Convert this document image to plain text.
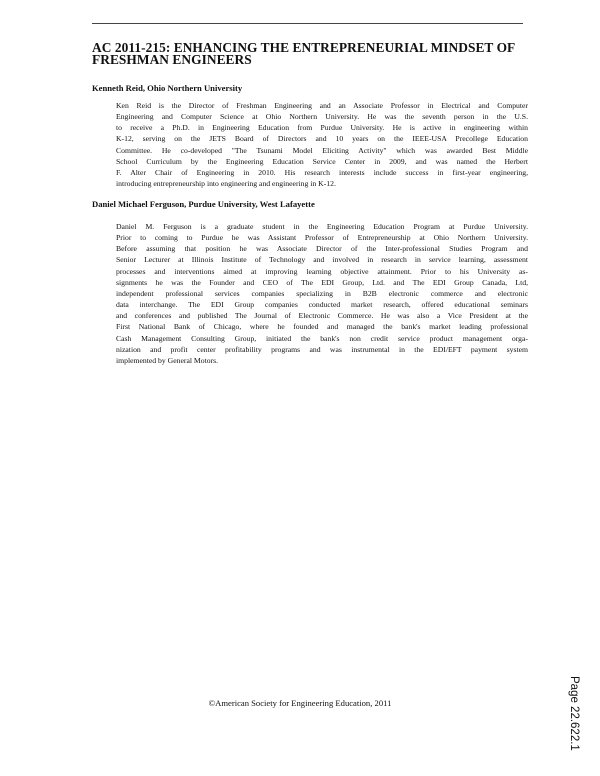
AC 2011-215: ENHANCING THE ENTREPRENEURIAL MINDSET OF FRESHMAN ENGINEERS
Kenneth Reid, Ohio Northern University

Ken Reid is the Director of Freshman Engineering and an Associate Professor in Electrical and Computer
Engineering and Computer Science at Ohio Northern University. He was the seventh person in the U.S.
to receive a Ph.D. in Engineering Education from Purdue University. He is active in engineering within
K-12, serving on the JETS Board of Directors and 10 years on the IEEE-USA Precollege Education
Committee. He co-developed "The Tsunami Model Eliciting Activity" which was awarded Best Middle
School Curriculum by the Engineering Education Service Center in 2009, and was named the Herbert
F. Alter Chair of Engineering in 2010. His research interests include success in first-year engineering,
introducing entrepreneurship into engineering and engineering in K-12.

Daniel Michael Ferguson, Purdue University, West Lafayette

Daniel M. Ferguson is a graduate student in the Engineering Education Program at Purdue University.
Prior to coming to Purdue he was Assistant Professor of Entrepreneurship at Ohio Northern University.
Before assuming that position he was Associate Director of the Inter-professional Studies Program and
Senior Lecturer at Illinois Institute of Technology and involved in research in service learning, assessment
processes and interventions aimed at improving learning objective attainment. Prior to his University as-
signments he was the Founder and CEO of The EDI Group, Ltd. and The EDI Group Canada, Ltd,
independent professional services companies specializing in B2B electronic commerce and electronic
data interchange. The EDI Group companies conducted market research, offered educational seminars
and conferences and published The Journal of Electronic Commerce. He was also a Vice President at the
First National Bank of Chicago, where he founded and managed the bank's market leading professional
Cash Management Consulting Group, initiated the bank's non credit service product management orga-
nization and profit center profitability programs and was instrumental in the EDI/EFT payment system
implemented by General Motors.

©American Society for Engineering Education, 2011	Page 22.622.1
